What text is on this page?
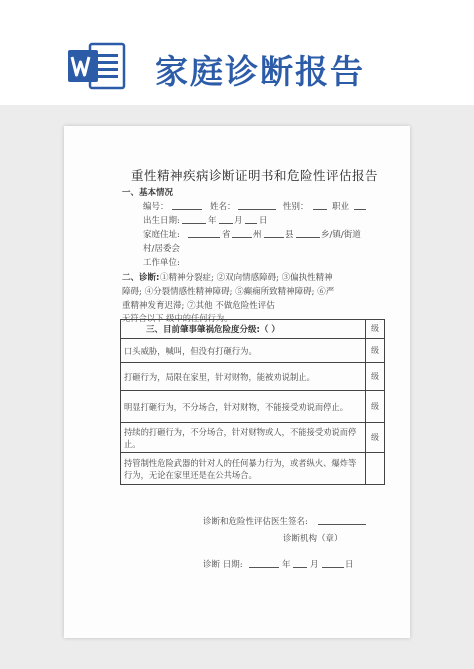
家庭诊断报告
重性精神疾病诊断证明书和危险性评估报告
一、基本情况
编号：	姓名：	性别：	职业
出生日期:	年 月 日
家庭住址:	省	州	县	乡/镇/街道
村/居委会
工作单位:
二、诊断: ①精神分裂症; ②双向情感障碍; ③偏执性精神
障碍; ④分裂情感性精神障碍; ⑤癫痫所致精神障碍; ⑥严
重精神发育迟滞; ⑦其他 不做危险性评估
无符合以下 级中的任何行为。
三、目前肇事肇祸危险度分级:（ ）	级
口头威胁，喊叫，但没有打砸行为。	级
打砸行为，局限在家里，针对财物，能被劝说制止。	级
明显打砸行为，不分场合，针对财物，不能接受劝说而停止。	级
持续的打砸行为，不分场合，针对财物或人，不能接受劝说而停止。	级
持管制性危险武器的针对人的任何暴力行为，或者纵火、爆炸等行为，无论在家里还是在公共场合。	
诊断和危险性评估医生签名:
诊断机构（章）
诊断 日期:	年 月	日
